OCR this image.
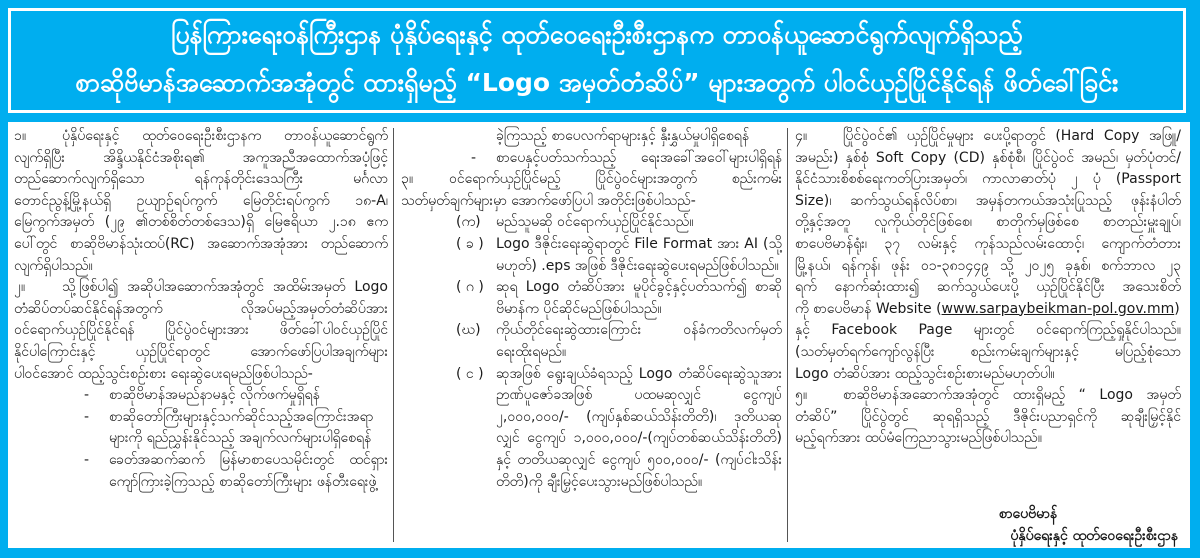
ပြန်ကြားရေးဝန်ကြီးဌာန ပုံနှိပ်ရေးနှင့် ထုတ်ဝေရေးဦးစီးဌာနက တာဝန်ယူဆောင်ရွက်လျက်ရှိသည့်
စာဆိုဗိမာန်အဆောက်အအုံတွင် ထားရှိမည့် “Logo အမှတ်တံဆိပ်” များအတွက် ပါဝင်ယှဉ်ပြိုင်နိုင်ရန် ဖိတ်ခေါ်ခြင်း
၁။	ပုံနှိပ်ရေးနှင့် ထုတ်ဝေရေးဦးစီးဌာနက တာဝန်ယူဆောင်ရွက်
လျက်ရှိပြီး အိန္ဒိယနိုင်ငံအစိုးရ၏ အကူအညီအထောက်အပံ့ဖြင့်
တည်ဆောက်လျက်ရှိသော ရန်ကုန်တိုင်းဒေသကြီး မင်္ဂလာ
တောင်ညွန့်မြို့နယ်ရှိ ဥယျာဉ်ရပ်ကွက် မြေတိုင်းရပ်ကွက် ၁၈-A၊
မြေကွက်အမှတ် (၂၉ ၏တစ်စိတ်တစ်ဒေသ)ရှိ မြေဧရိယာ ၂.၁၈ ဧက
ပေါ်တွင် စာဆိုဗိမာန်သုံးထပ်(RC) အဆောက်အအုံအား တည်ဆောက်
လျက်ရှိပါသည်။
၂။	သို့ဖြစ်ပါ၍ အဆိုပါအဆောက်အအုံတွင် အထိမ်းအမှတ် Logo
တံဆိပ်တပ်ဆင်နိုင်ရန်အတွက် လိုအပ်မည့်အမှတ်တံဆိပ်အား
ဝင်ရောက်ယှဉ်ပြိုင်နိုင်ရန် ပြိုင်ပွဲဝင်များအား ဖိတ်ခေါ်ပါဝင်ယှဉ်ပြိုင်
နိုင်ပါကြောင်းနှင့် ယှဉ်ပြိုင်ရာတွင် အောက်ဖော်ပြပါအချက်များ
ပါဝင်အောင် ထည့်သွင်းစဉ်းစား ရေးဆွဲပေးရမည်ဖြစ်ပါသည်-
- စာဆိုဗိမာန်အမည်နာမနှင့် လိုက်ဖက်မှုရှိရန်
- စာဆိုတော်ကြီးများနှင့်သက်ဆိုင်သည့်အကြောင်းအရာ
များကို ရည်ညွှန်းနိုင်သည့် အချက်လက်များပါရှိစေရန်
- ခေတ်အဆက်ဆက် မြန်မာစာပေသမိုင်းတွင် ထင်ရှား
ကျော်ကြားခဲ့ကြသည့် စာဆိုတော်ကြီးများ ဖန်တီးရေးဖွဲ့
ခဲ့ကြသည့် စာပေလက်ရာများနှင့် နှီးနွှယ်မှုပါရှိစေရန်
- စာပေနှင့်ပတ်သက်သည့် ရေးအခေါ်အဝေါ်များပါရှိရန်
၃။	ဝင်ရောက်ယှဉ်ပြိုင်မည့် ပြိုင်ပွဲဝင်များအတွက် စည်းကမ်း
သတ်မှတ်ချက်များမှာ အောက်ဖော်ပြပါ အတိုင်းဖြစ်ပါသည်-
(က) မည်သူမဆို ဝင်ရောက်ယှဉ်ပြိုင်နိုင်သည်။
( ခ ) Logo ဒီဇိုင်းရေးဆွဲရာတွင် File Format အား AI (သို့
မဟုတ်) .eps အဖြစ် ဒီဇိုင်းရေးဆွဲပေးရမည်ဖြစ်ပါသည်။
( ဂ ) ဆုရ Logo တံဆိပ်အား မူပိုင်ခွင့်နှင့်ပတ်သက်၍ စာဆို
ဗိမာန်က ပိုင်ဆိုင်မည်ဖြစ်ပါသည်။
(ဃ) ကိုယ်တိုင်ရေးဆွဲထားကြောင်း ဝန်ခံကတိလက်မှတ်
ရေးထိုးရမည်။
( င ) ဆုအဖြစ် ရွေးချယ်ခံရသည့် Logo တံဆိပ်ရေးဆွဲသူအား
ဉာဏ်ပူဇော်ခအဖြစ် ပထမဆုလျှင် ငွေကျပ်
၂,၀၀၀,၀၀၀/- (ကျပ်နှစ်ဆယ်သိန်းတိတိ)၊ ဒုတိယဆု
လျှင် ငွေကျပ် ၁,၀၀၀,၀၀၀/-(ကျပ်တစ်ဆယ်သိန်းတိတိ)
နှင့် တတိယဆုလျှင် ငွေကျပ် ၅၀၀,၀၀၀/- (ကျပ်ငါးသိန်း
တိတိ)ကို ချီးမြှင့်ပေးသွားမည်ဖြစ်ပါသည်။
၄။	ပြိုင်ပွဲဝင်၏ ယှဉ်ပြိုင်မှုများ ပေးပို့ရာတွင် (Hard Copy အဖြူ/
အမည်း) နှစ်စုံ Soft Copy (CD) နှစ်စုံစီ၊ ပြိုင်ပွဲဝင် အမည်၊ မှတ်ပုံတင်/
နိုင်ငံသားစိစစ်ရေးကတ်ပြားအမှတ်၊ ကာလာဓာတ်ပုံ ၂ ပုံ (Passport
Size)၊ ဆက်သွယ်ရန်လိပ်စာ၊ အမှန်တကယ်အသုံးပြုသည့် ဖုန်းနံပါတ်
တို့နှင့်အတူ လူကိုယ်တိုင်ဖြစ်စေ၊ စာတိုက်မှဖြစ်စေ စာတည်းမှူးချုပ်၊
စာပေဗိမာန်ရုံး၊ ၃၇ လမ်းနှင့် ကုန်သည်လမ်းထောင့်၊ ကျောက်တံတား
မြို့နယ်၊ ရန်ကုန်၊ ဖုန်း ၀၁-၃၈၁၄၄၉ သို့ ၂၀၂၅ ခုနှစ်၊ စက်ဘာလ ၂၃
ရက် နောက်ဆုံးထား၍ ဆက်သွယ်ပေးပို့ ယှဉ်ပြိုင်နိုင်ပြီး အသေးစိတ်
ကို စာပေဗိမာန် Website (www.sarpaybeikman-pol.gov.mm)
နှင့် Facebook Page များတွင် ဝင်ရောက်ကြည့်ရှုနိုင်ပါသည်။
(သတ်မှတ်ရက်ကျော်လွန်ပြီး စည်းကမ်းချက်များနှင့် မပြည့်စုံသော
Logo တံဆိပ်အား ထည့်သွင်းစဉ်းစားမည်မဟုတ်ပါ။
၅။	စာဆိုဗိမာန်အဆောက်အအုံတွင် ထားရှိမည့် “ Logo အမှတ်
တံဆိပ်” ပြိုင်ပွဲတွင် ဆုရရှိသည့် ဒီဇိုင်းပညာရှင်ကို ဆုချီးမြှင့်နိုင်
မည့်ရက်အား ထပ်မံကြေညာသွားမည်ဖြစ်ပါသည်။
စာပေဗိမာန်
ပုံနှိပ်ရေးနှင့် ထုတ်ဝေရေးဦးစီးဌာန
